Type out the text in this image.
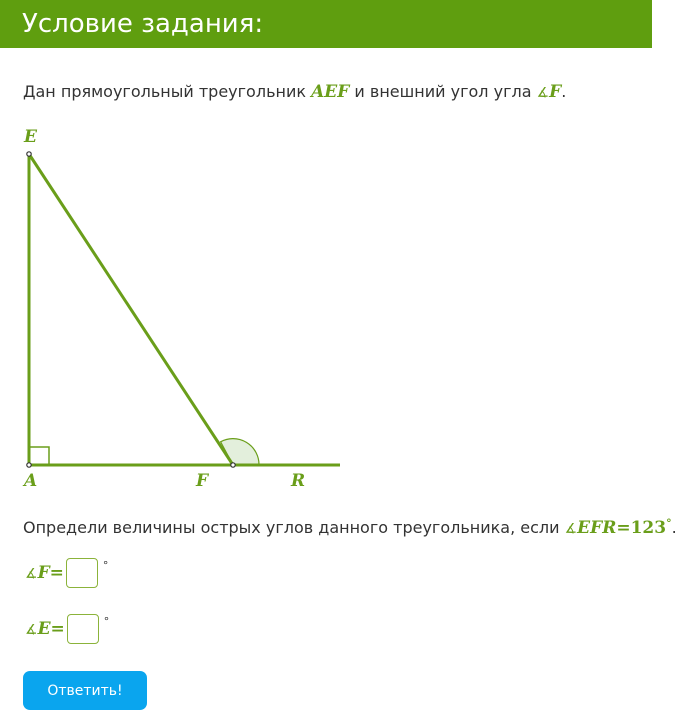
Условие задания:
Дан прямоугольный треугольник AEF и внешний угол угла ∡F.
E
A	F	R
Определи величины острых углов данного треугольника, если ∡EFR=123°.
∡F=	°
∡E=	°
Ответить!
